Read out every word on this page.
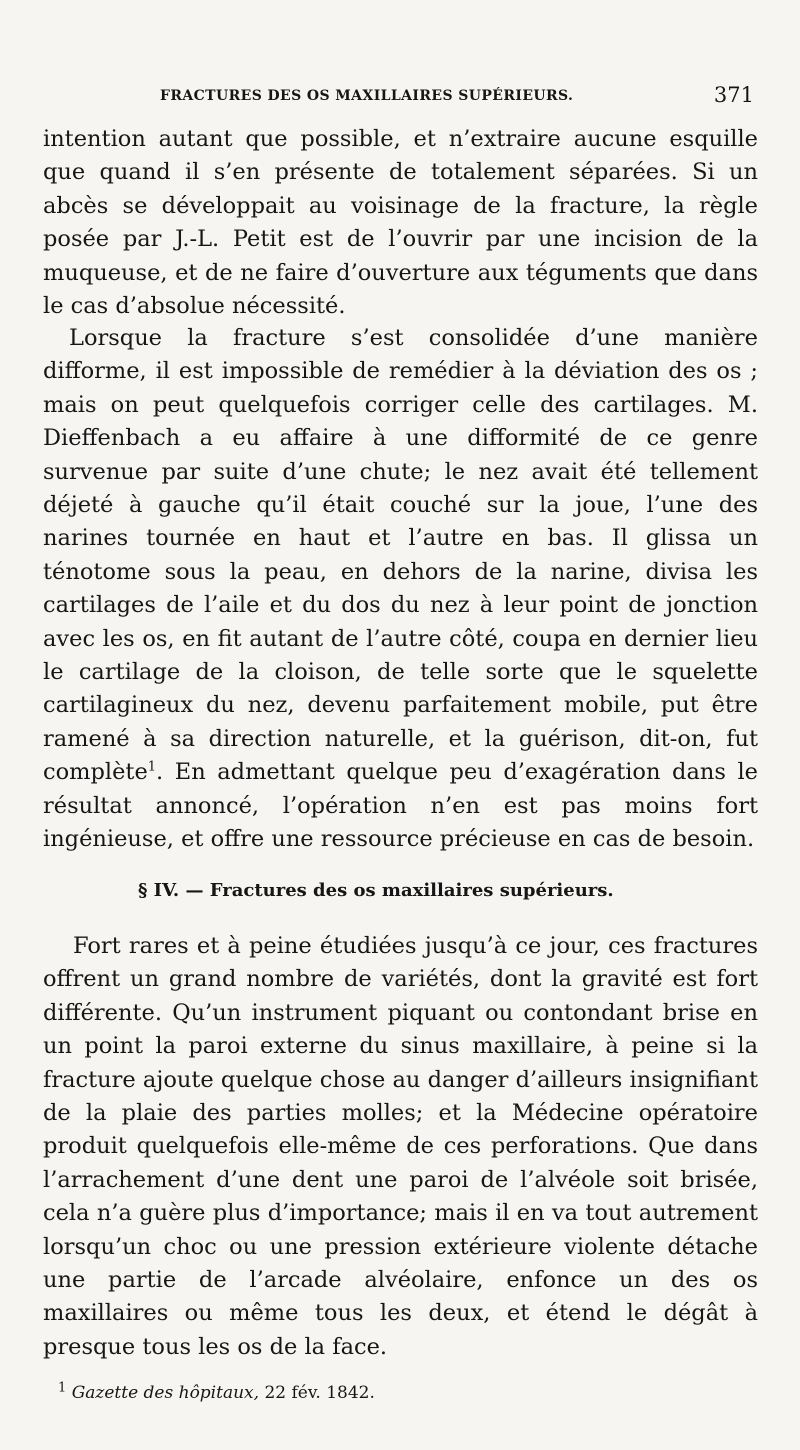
FRACTURES DES OS MAXILLAIRES SUPÉRIEURS.	371

intention autant que possible, et n’extraire aucune esquille que quand il s’en présente de totalement séparées. Si un abcès se développait au voisinage de la fracture, la règle posée par J.-L. Petit est de l’ouvrir par une incision de la muqueuse, et de ne faire d’ouverture aux téguments que dans le cas d’absolue nécessité.

Lorsque la fracture s’est consolidée d’une manière difforme, il est impossible de remédier à la déviation des os ; mais on peut quelquefois corriger celle des cartilages. M. Dieffenbach a eu affaire à une difformité de ce genre survenue par suite d’une chute; le nez avait été tellement déjeté à gauche qu’il était couché sur la joue, l’une des narines tournée en haut et l’autre en bas. Il glissa un ténotome sous la peau, en dehors de la narine, divisa les cartilages de l’aile et du dos du nez à leur point de jonction avec les os, en fit autant de l’autre côté, coupa en dernier lieu le cartilage de la cloison, de telle sorte que le squelette cartilagineux du nez, devenu parfaitement mobile, put être ramené à sa direction naturelle, et la guérison, dit-on, fut complète$^1$. En admettant quelque peu d’exagération dans le résultat annoncé, l’opération n’en est pas moins fort ingénieuse, et offre une ressource précieuse en cas de besoin.

§ IV. — Fractures des os maxillaires supérieurs.

Fort rares et à peine étudiées jusqu’à ce jour, ces fractures offrent un grand nombre de variétés, dont la gravité est fort différente. Qu’un instrument piquant ou contondant brise en un point la paroi externe du sinus maxillaire, à peine si la fracture ajoute quelque chose au danger d’ailleurs insignifiant de la plaie des parties molles; et la Médecine opératoire produit quelquefois elle-même de ces perforations. Que dans l’arrachement d’une dent une paroi de l’alvéole soit brisée, cela n’a guère plus d’importance; mais il en va tout autrement lorsqu’un choc ou une pression extérieure violente détache une partie de l’arcade alvéolaire, enfonce un des os maxillaires ou même tous les deux, et étend le dégât à presque tous les os de la face.

$^1$ Gazette des hôpitaux, 22 fév. 1842.
